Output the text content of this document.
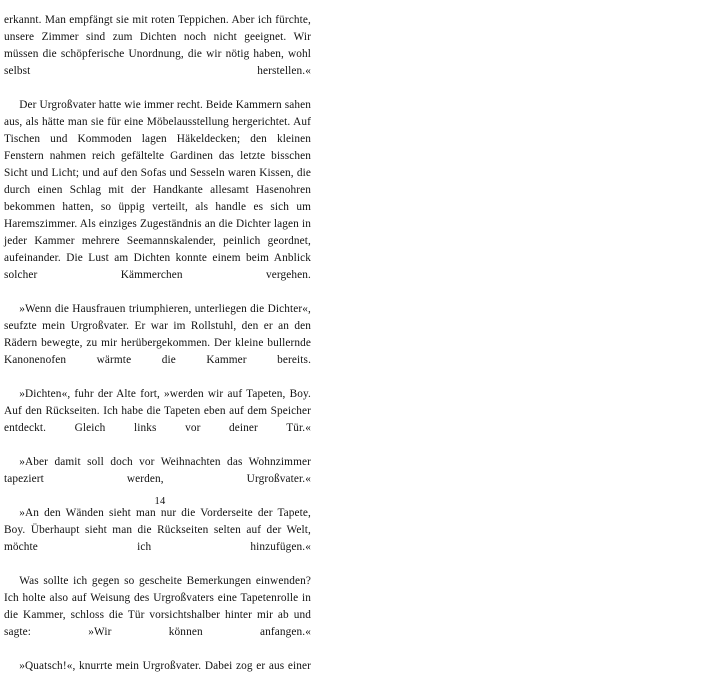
erkannt. Man empfängt sie mit roten Teppichen. Aber ich fürchte, unsere Zimmer sind zum Dichten noch nicht geeignet. Wir müssen die schöpferische Unordnung, die wir nötig haben, wohl selbst herstellen.«

Der Urgroßvater hatte wie immer recht. Beide Kammern sahen aus, als hätte man sie für eine Möbelausstellung hergerichtet. Auf Tischen und Kommoden lagen Häkeldecken; den kleinen Fenstern nahmen reich gefältelte Gardinen das letzte bisschen Sicht und Licht; und auf den Sofas und Sesseln waren Kissen, die durch einen Schlag mit der Handkante allesamt Hasenohren bekommen hatten, so üppig verteilt, als handle es sich um Haremszimmer. Als einziges Zugeständnis an die Dichter lagen in jeder Kammer mehrere Seemannskalender, peinlich geordnet, aufeinander. Die Lust am Dichten konnte einem beim Anblick solcher Kämmerchen vergehen.

»Wenn die Hausfrauen triumphieren, unterliegen die Dichter«, seufzte mein Urgroßvater. Er war im Rollstuhl, den er an den Rädern bewegte, zu mir herübergekommen. Der kleine bullernde Kanonenofen wärmte die Kammer bereits.

»Dichten«, fuhr der Alte fort, »werden wir auf Tapeten, Boy. Auf den Rückseiten. Ich habe die Tapeten eben auf dem Speicher entdeckt. Gleich links vor deiner Tür.«

»Aber damit soll doch vor Weihnachten das Wohnzimmer tapeziert werden, Urgroßvater.«

»An den Wänden sieht man nur die Vorderseite der Tapete, Boy. Überhaupt sieht man die Rückseiten selten auf der Welt, möchte ich hinzufügen.«

Was sollte ich gegen so gescheite Bemerkungen einwenden? Ich holte also auf Weisung des Urgroßvaters eine Tapetenrolle in die Kammer, schloss die Tür vorsichtshalber hinter mir ab und sagte: »Wir können anfangen.«

»Quatsch!«, knurrte mein Urgroßvater. Dabei zog er aus einer

14
